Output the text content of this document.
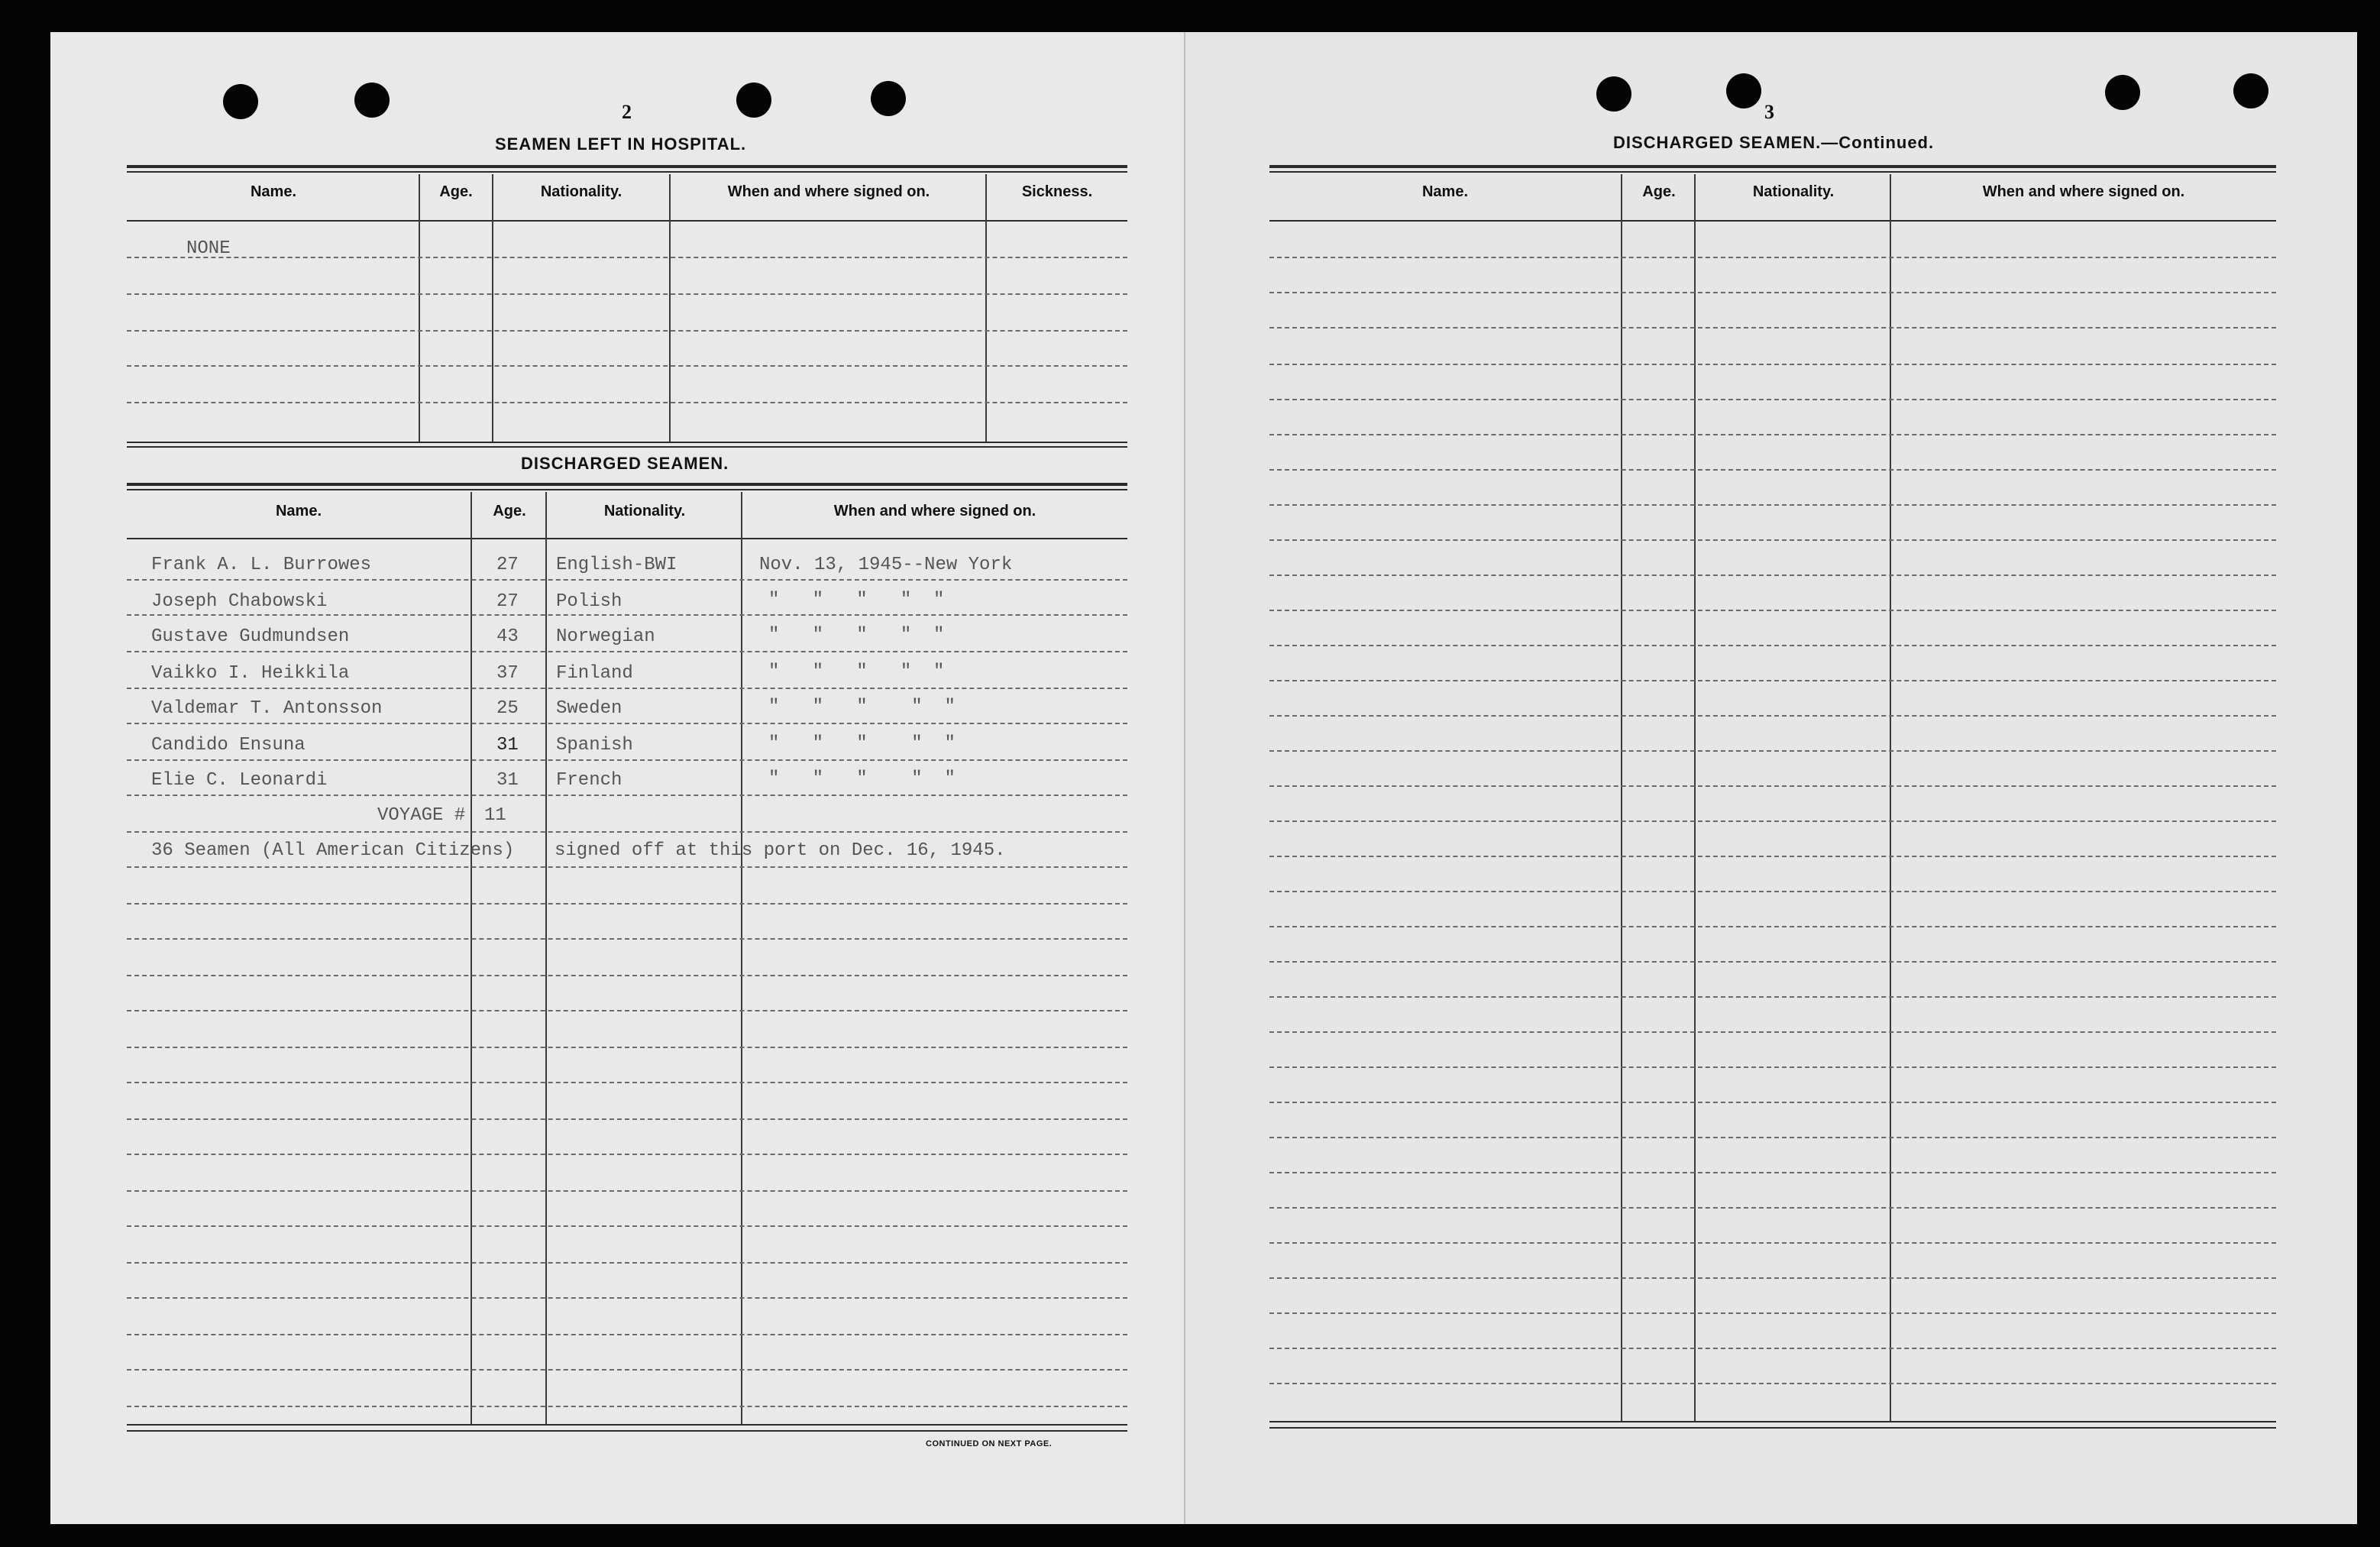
2
SEAMEN LEFT IN HOSPITAL.
Name.	Age.	Nationality.	When and where signed on.	Sickness.
NONE
DISCHARGED SEAMEN.
Name.	Age.	Nationality.	When and where signed on.
Frank A. L. Burrowes	27 English-BWI	Nov. 13, 1945--New York
Joseph Chabowski	27 Polish	"   "   "   "  "
Gustave Gudmundsen	43 Norwegian	"   "   "   "  "
Vaikko I. Heikkila	37 Finland	"   "   "   "  "
Valdemar T. Antonsson	25 Sweden	"   "   "    "  "
Candido Ensuna	31 Spanish	"   "   "    "  "
Elie C. Leonardi	31 French	"   "   "    "  "
VOYAGE # 11
36 Seamen (All American Citizens) signed off at this port on Dec. 16, 1945.
CONTINUED ON NEXT PAGE.
3
DISCHARGED SEAMEN.—Continued.
Name.	Age.	Nationality.	When and where signed on.
